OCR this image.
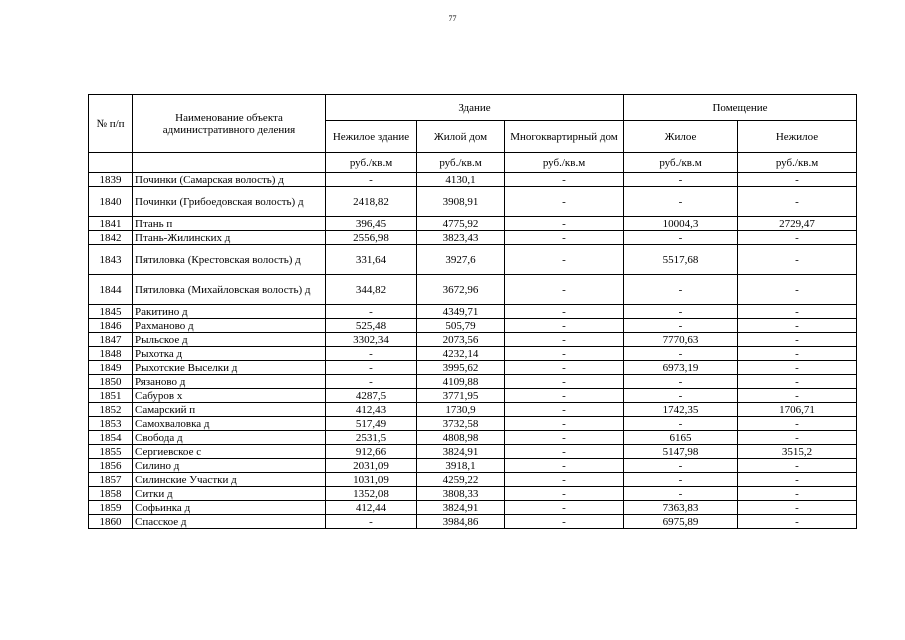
77
№ п/п	Наименование объекта административного деления	Здание			Помещение	
		Нежилое здание	Жилой дом	Многоквартирный дом	Жилое	Нежилое
		руб./кв.м	руб./кв.м	руб./кв.м	руб./кв.м	руб./кв.м
1839	Починки (Самарская волость) д	-	4130,1	-	-	-
1840	Починки (Грибоедовская волость) д	2418,82	3908,91	-	-	-
1841	Птань п	396,45	4775,92	-	10004,3	2729,47
1842	Птань-Жилинских д	2556,98	3823,43	-	-	-
1843	Пятиловка (Крестовская волость) д	331,64	3927,6	-	5517,68	-
1844	Пятиловка (Михайловская волость) д	344,82	3672,96	-	-	-
1845	Ракитино д	-	4349,71	-	-	-
1846	Рахманово д	525,48	505,79	-	-	-
1847	Рыльское д	3302,34	2073,56	-	7770,63	-
1848	Рыхотка д	-	4232,14	-	-	-
1849	Рыхотские Выселки д	-	3995,62	-	6973,19	-
1850	Рязаново д	-	4109,88	-	-	-
1851	Сабуров х	4287,5	3771,95	-	-	-
1852	Самарский п	412,43	1730,9	-	1742,35	1706,71
1853	Самохваловка д	517,49	3732,58	-	-	-
1854	Свобода д	2531,5	4808,98	-	6165	-
1855	Сергиевское с	912,66	3824,91	-	5147,98	3515,2
1856	Силино д	2031,09	3918,1	-	-	-
1857	Силинские Участки д	1031,09	4259,22	-	-	-
1858	Ситки д	1352,08	3808,33	-	-	-
1859	Софьинка д	412,44	3824,91	-	7363,83	-
1860	Спасское д	-	3984,86	-	6975,89	-
